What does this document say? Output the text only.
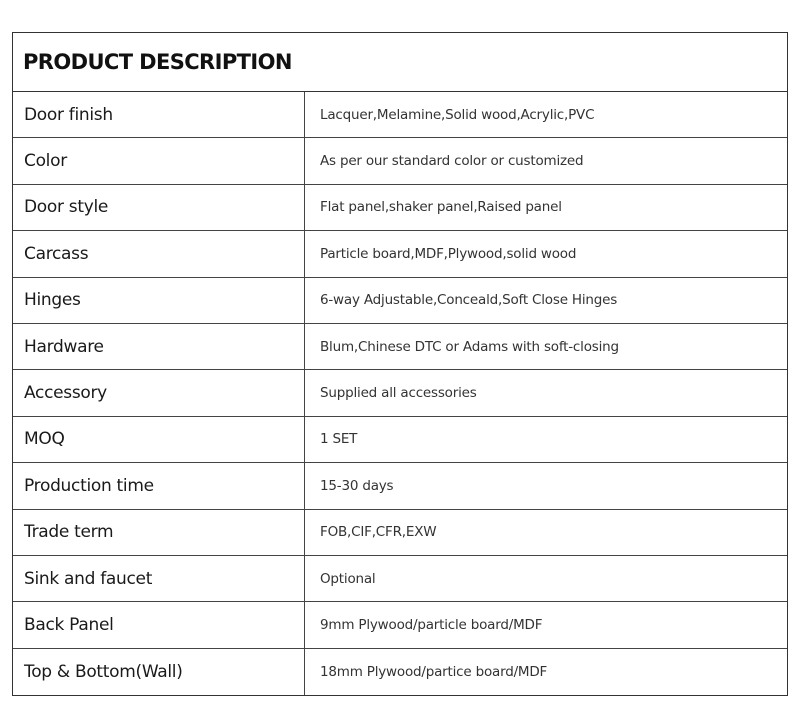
PRODUCT DESCRIPTION
Door finish	Lacquer,Melamine,Solid wood,Acrylic,PVC
Color	As per our standard color or customized
Door style	Flat panel,shaker panel,Raised panel
Carcass	Particle board,MDF,Plywood,solid wood
Hinges	6-way Adjustable,Conceald,Soft Close Hinges
Hardware	Blum,Chinese DTC or Adams with soft-closing
Accessory	Supplied all accessories
MOQ	1 SET
Production time	15-30 days
Trade term	FOB,CIF,CFR,EXW
Sink and faucet	Optional
Back Panel	9mm Plywood/particle board/MDF
Top & Bottom(Wall)	18mm Plywood/partice board/MDF
